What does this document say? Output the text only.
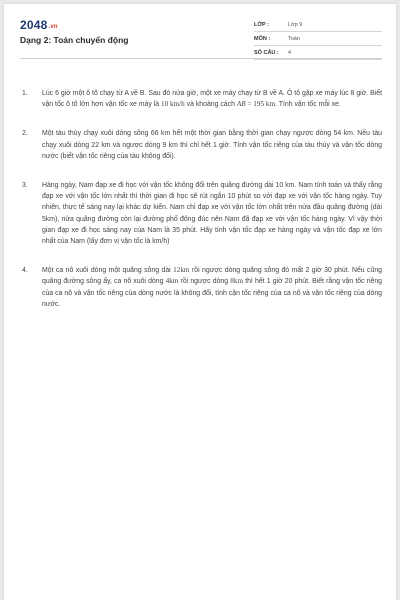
2048.vn
Dạng 2: Toán chuyển động
LỚP :	Lớp 9
MÔN :	Toán
SỐ CÂU :	4
1.	Lúc 6 giờ một ô tô chạy từ A về B. Sau đó nửa giờ, một xe máy chạy từ B về A. Ô tô gặp xe máy lúc 8 giờ. Biết vận tốc ô tô lớn hơn vận tốc xe máy là 10 km/h và khoảng cách AB = 195 km. Tính vận tốc mỗi xe.
2.	Một tàu thủy chạy xuôi dòng sông 66 km hết một thời gian bằng thời gian chạy ngược dòng 54 km. Nếu tàu chạy xuôi dòng 22 km và ngược dòng 9 km thì chỉ hết 1 giờ. Tính vận tốc riêng của tàu thủy và vận tốc dòng nước (biết vận tốc riêng của tàu không đổi).
3.	Hàng ngày, Nam đạp xe đi học với vận tốc không đổi trên quãng đường dài 10 km. Nam tính toán và thấy rằng đạp xe với vận tốc lớn nhất thì thời gian đi học sẽ rút ngắn 10 phút so với đạp xe với vận tốc hàng ngày. Tuy nhiên, thực tế sáng nay lại khác dự kiến. Nam chỉ đạp xe với vận tốc lớn nhất trên nửa đầu quãng đường (dài 5km), nửa quãng đường còn lại đường phố đông đúc nên Nam đã đạp xe với vận tốc hàng ngày. Vì vậy thời gian đạp xe đi học sáng nay của Nam là 35 phút. Hãy tính vận tốc đạp xe hàng ngày và vận tốc đạp xe lớn nhất của Nam (lấy đơn vị vận tốc là km/h)
4.	Một ca nô xuôi dòng một quãng sông dài 12km rồi ngược dòng quãng sông đó mất 2 giờ 30 phút. Nếu cũng quãng đường sông ấy, ca nô xuôi dòng 4km rồi ngược dòng 8km thì hết 1 giờ 20 phút. Biết rằng vận tốc riêng của ca nô và vận tốc riêng của dòng nước là không đổi, tính cận tốc riêng của ca nô và vận tốc riêng của dòng nước.
